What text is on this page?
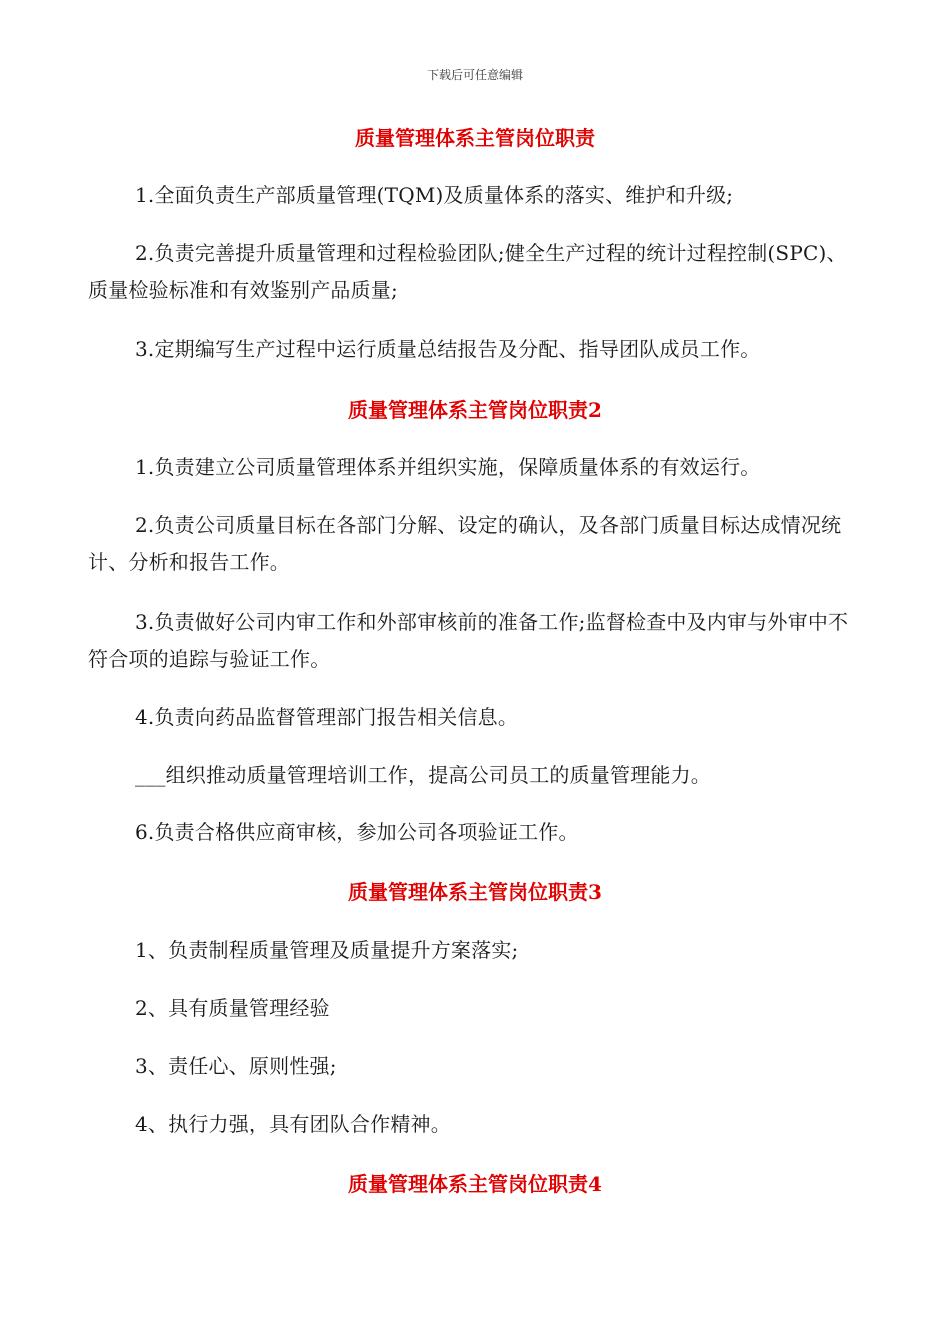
下载后可任意编辑
质量管理体系主管岗位职责
1.全面负责生产部质量管理(TQM)及质量体系的落实、维护和升级;
2.负责完善提升质量管理和过程检验团队;健全生产过程的统计过程控制(SPC)、质量检验标准和有效鉴别产品质量;
3.定期编写生产过程中运行质量总结报告及分配、指导团队成员工作。
质量管理体系主管岗位职责2
1.负责建立公司质量管理体系并组织实施，保障质量体系的有效运行。
2.负责公司质量目标在各部门分解、设定的确认，及各部门质量目标达成情况统计、分析和报告工作。
3.负责做好公司内审工作和外部审核前的准备工作;监督检查中及内审与外审中不符合项的追踪与验证工作。
4.负责向药品监督管理部门报告相关信息。
___组织推动质量管理培训工作，提高公司员工的质量管理能力。
6.负责合格供应商审核，参加公司各项验证工作。
质量管理体系主管岗位职责3
1、负责制程质量管理及质量提升方案落实;
2、具有质量管理经验
3、责任心、原则性强;
4、执行力强，具有团队合作精神。
质量管理体系主管岗位职责4
